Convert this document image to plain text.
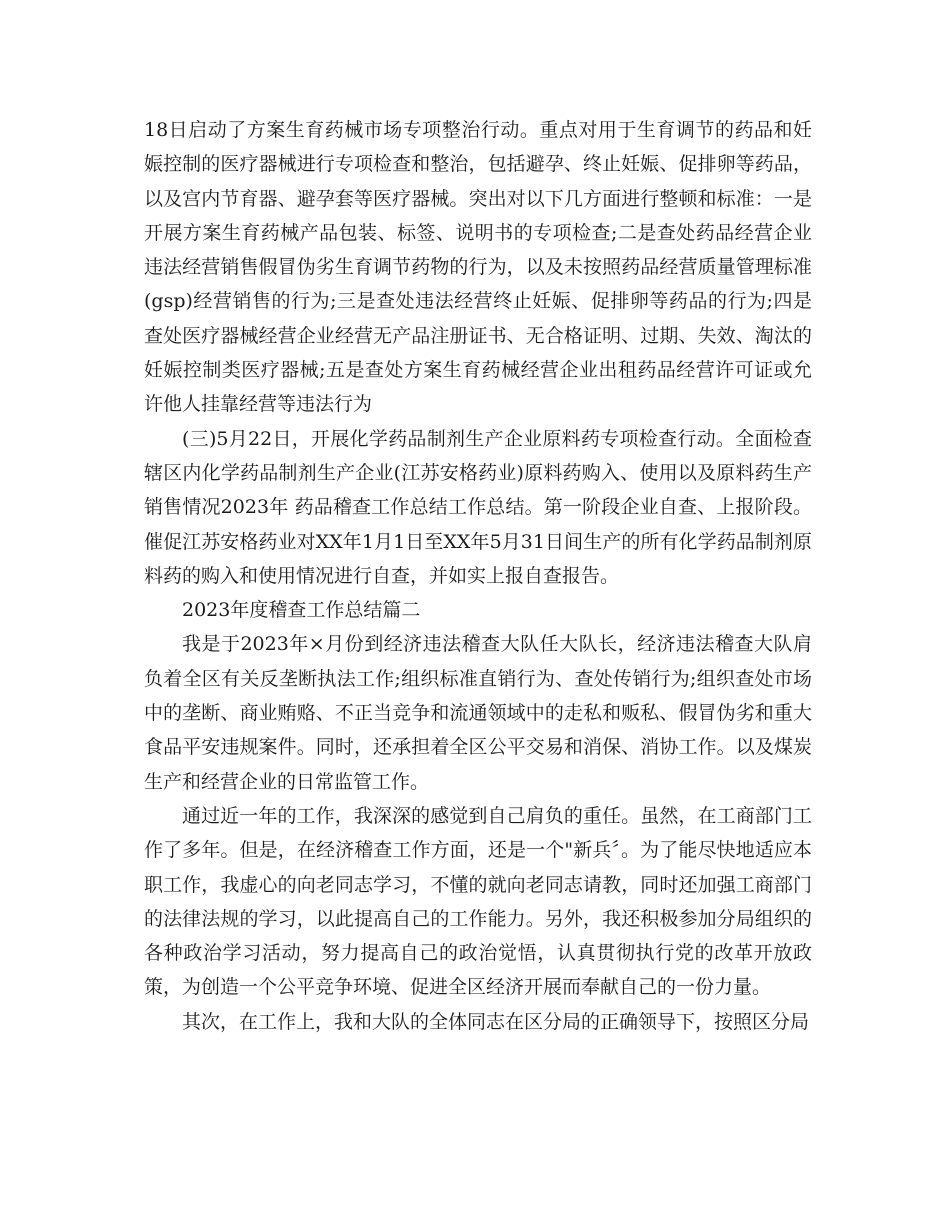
18日启动了方案生育药械市场专项整治行动。重点对用于生育调节的药品和妊娠控制的医疗器械进行专项检查和整治，包括避孕、终止妊娠、促排卵等药品，以及宫内节育器、避孕套等医疗器械。突出对以下几方面进行整顿和标准：一是开展方案生育药械产品包装、标签、说明书的专项检查;二是查处药品经营企业违法经营销售假冒伪劣生育调节药物的行为，以及未按照药品经营质量管理标准(gsp)经营销售的行为;三是查处违法经营终止妊娠、促排卵等药品的行为;四是查处医疗器械经营企业经营无产品注册证书、无合格证明、过期、失效、淘汰的妊娠控制类医疗器械;五是查处方案生育药械经营企业出租药品经营许可证或允许他人挂靠经营等违法行为

(三)5月22日，开展化学药品制剂生产企业原料药专项检查行动。全面检查辖区内化学药品制剂生产企业(江苏安格药业)原料药购入、使用以及原料药生产销售情况2023年 药品稽查工作总结工作总结。第一阶段企业自查、上报阶段。催促江苏安格药业对XX年1月1日至XX年5月31日间生产的所有化学药品制剂原料药的购入和使用情况进行自查，并如实上报自查报告。

2023年度稽查工作总结篇二

我是于2023年×月份到经济违法稽查大队任大队长，经济违法稽查大队肩负着全区有关反垄断执法工作;组织标准直销行为、查处传销行为;组织查处市场中的垄断、商业贿赂、不正当竞争和流通领域中的走私和贩私、假冒伪劣和重大食品平安违规案件。同时，还承担着全区公平交易和消保、消协工作。以及煤炭生产和经营企业的日常监管工作。

通过近一年的工作，我深深的感觉到自己肩负的重任。虽然，在工商部门工作了多年。但是，在经济稽查工作方面，还是一个"新兵〞。为了能尽快地适应本职工作，我虚心的向老同志学习，不懂的就向老同志请教，同时还加强工商部门的法律法规的学习，以此提高自己的工作能力。另外，我还积极参加分局组织的各种政治学习活动，努力提高自己的政治觉悟，认真贯彻执行党的改革开放政策，为创造一个公平竞争环境、促进全区经济开展而奉献自己的一份力量。

其次，在工作上，我和大队的全体同志在区分局的正确领导下，按照区分局
